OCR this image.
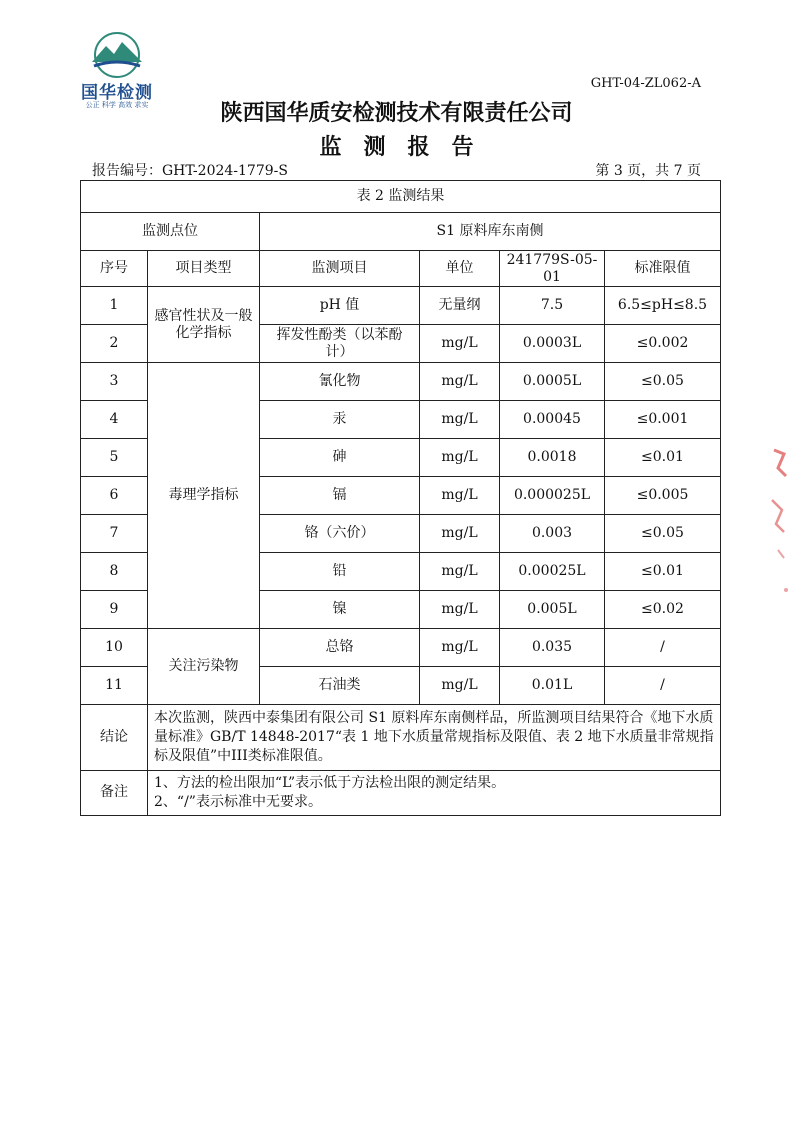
国华检测
公正 科学 高效 求实
GHT-04-ZL062-A
陕西国华质安检测技术有限责任公司
监测报告
报告编号：GHT-2024-1779-S	第 3 页，共 7 页
表 2 监测结果					
监测点位		S1 原料库东南侧			
序号	项目类型	监测项目	单位	241779S-05-01	标准限值
1	感官性状及一般化学指标	pH 值	无量纲	7.5	6.5≤pH≤8.5
2		挥发性酚类（以苯酚计）	mg/L	0.0003L	≤0.002
3	毒理学指标	氰化物	mg/L	0.0005L	≤0.05
4		汞	mg/L	0.00045	≤0.001
5		砷	mg/L	0.0018	≤0.01
6		镉	mg/L	0.000025L	≤0.005
7		铬（六价）	mg/L	0.003	≤0.05
8		铅	mg/L	0.00025L	≤0.01
9		镍	mg/L	0.005L	≤0.02
10	关注污染物	总铬	mg/L	0.035	/
11		石油类	mg/L	0.01L	/
结论	本次监测，陕西中泰集团有限公司 S1 原料库东南侧样品，所监测项目结果符合《地下水质量标准》GB/T 14848-2017“表 1 地下水质量常规指标及限值、表 2 地下水质量非常规指标及限值”中III类标准限值。				
备注	1、方法的检出限加“L”表示低于方法检出限的测定结果。
2、“/”表示标准中无要求。				
